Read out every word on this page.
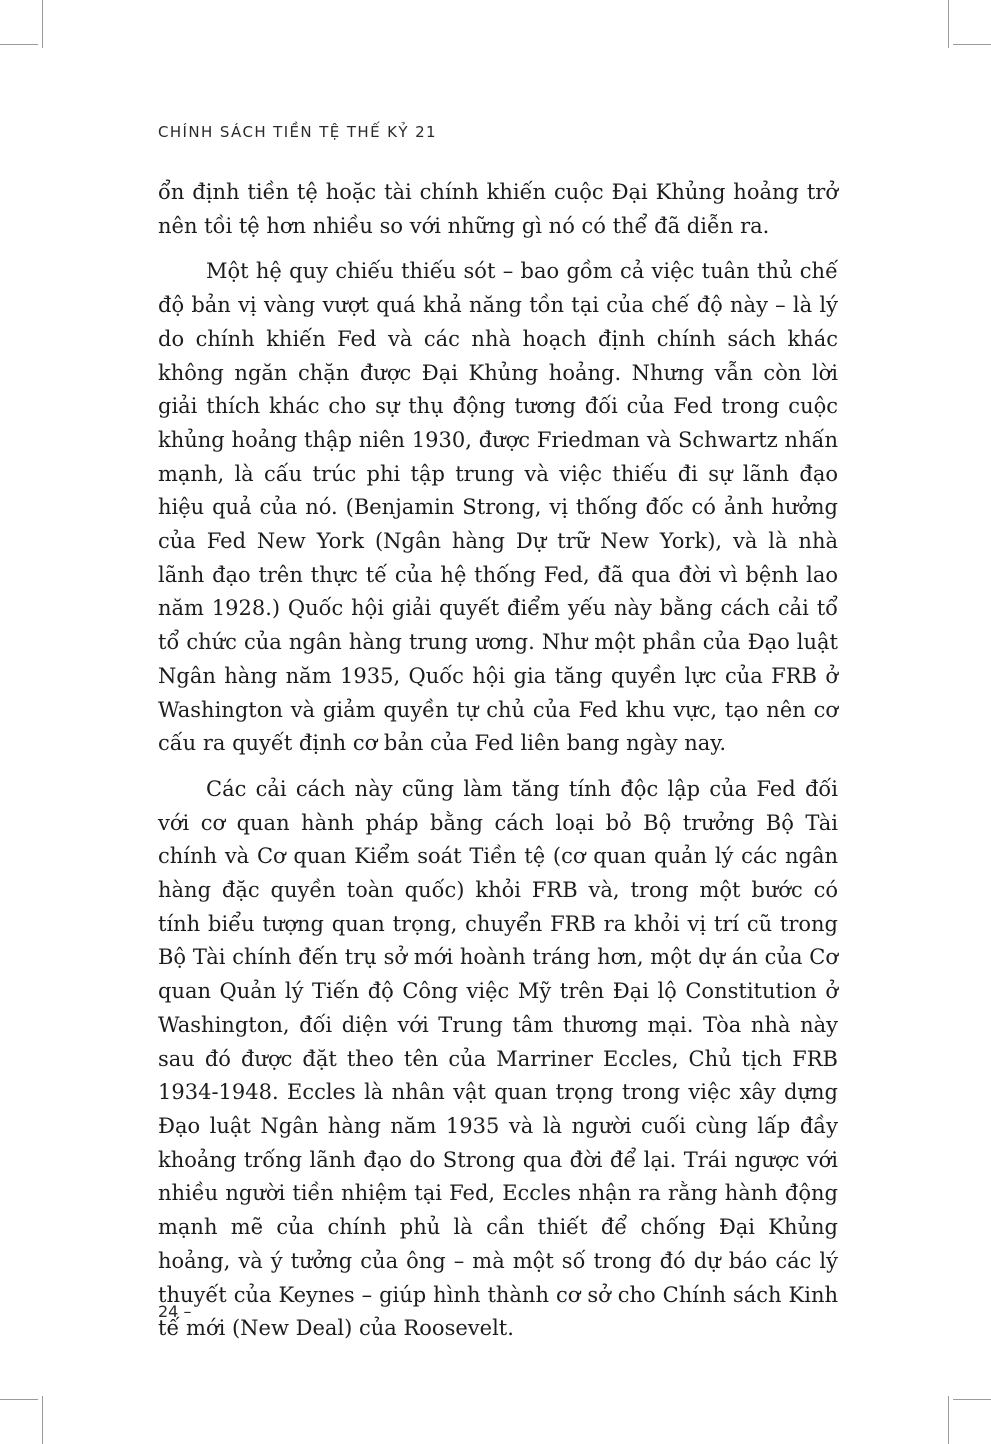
CHÍNH SÁCH TIỀN TỆ THẾ KỶ 21

ổn định tiền tệ hoặc tài chính khiến cuộc Đại Khủng hoảng trở nên tồi tệ hơn nhiều so với những gì nó có thể đã diễn ra.

Một hệ quy chiếu thiếu sót – bao gồm cả việc tuân thủ chế độ bản vị vàng vượt quá khả năng tồn tại của chế độ này – là lý do chính khiến Fed và các nhà hoạch định chính sách khác không ngăn chặn được Đại Khủng hoảng. Nhưng vẫn còn lời giải thích khác cho sự thụ động tương đối của Fed trong cuộc khủng hoảng thập niên 1930, được Friedman và Schwartz nhấn mạnh, là cấu trúc phi tập trung và việc thiếu đi sự lãnh đạo hiệu quả của nó. (Benjamin Strong, vị thống đốc có ảnh hưởng của Fed New York (Ngân hàng Dự trữ New York), và là nhà lãnh đạo trên thực tế của hệ thống Fed, đã qua đời vì bệnh lao năm 1928.) Quốc hội giải quyết điểm yếu này bằng cách cải tổ tổ chức của ngân hàng trung ương. Như một phần của Đạo luật Ngân hàng năm 1935, Quốc hội gia tăng quyền lực của FRB ở Washington và giảm quyền tự chủ của Fed khu vực, tạo nên cơ cấu ra quyết định cơ bản của Fed liên bang ngày nay.

Các cải cách này cũng làm tăng tính độc lập của Fed đối với cơ quan hành pháp bằng cách loại bỏ Bộ trưởng Bộ Tài chính và Cơ quan Kiểm soát Tiền tệ (cơ quan quản lý các ngân hàng đặc quyền toàn quốc) khỏi FRB và, trong một bước có tính biểu tượng quan trọng, chuyển FRB ra khỏi vị trí cũ trong Bộ Tài chính đến trụ sở mới hoành tráng hơn, một dự án của Cơ quan Quản lý Tiến độ Công việc Mỹ trên Đại lộ Constitution ở Washington, đối diện với Trung tâm thương mại. Tòa nhà này sau đó được đặt theo tên của Marriner Eccles, Chủ tịch FRB 1934-1948. Eccles là nhân vật quan trọng trong việc xây dựng Đạo luật Ngân hàng năm 1935 và là người cuối cùng lấp đầy khoảng trống lãnh đạo do Strong qua đời để lại. Trái ngược với nhiều người tiền nhiệm tại Fed, Eccles nhận ra rằng hành động mạnh mẽ của chính phủ là cần thiết để chống Đại Khủng hoảng, và ý tưởng của ông – mà một số trong đó dự báo các lý thuyết của Keynes – giúp hình thành cơ sở cho Chính sách Kinh tế mới (New Deal) của Roosevelt.

24 –
